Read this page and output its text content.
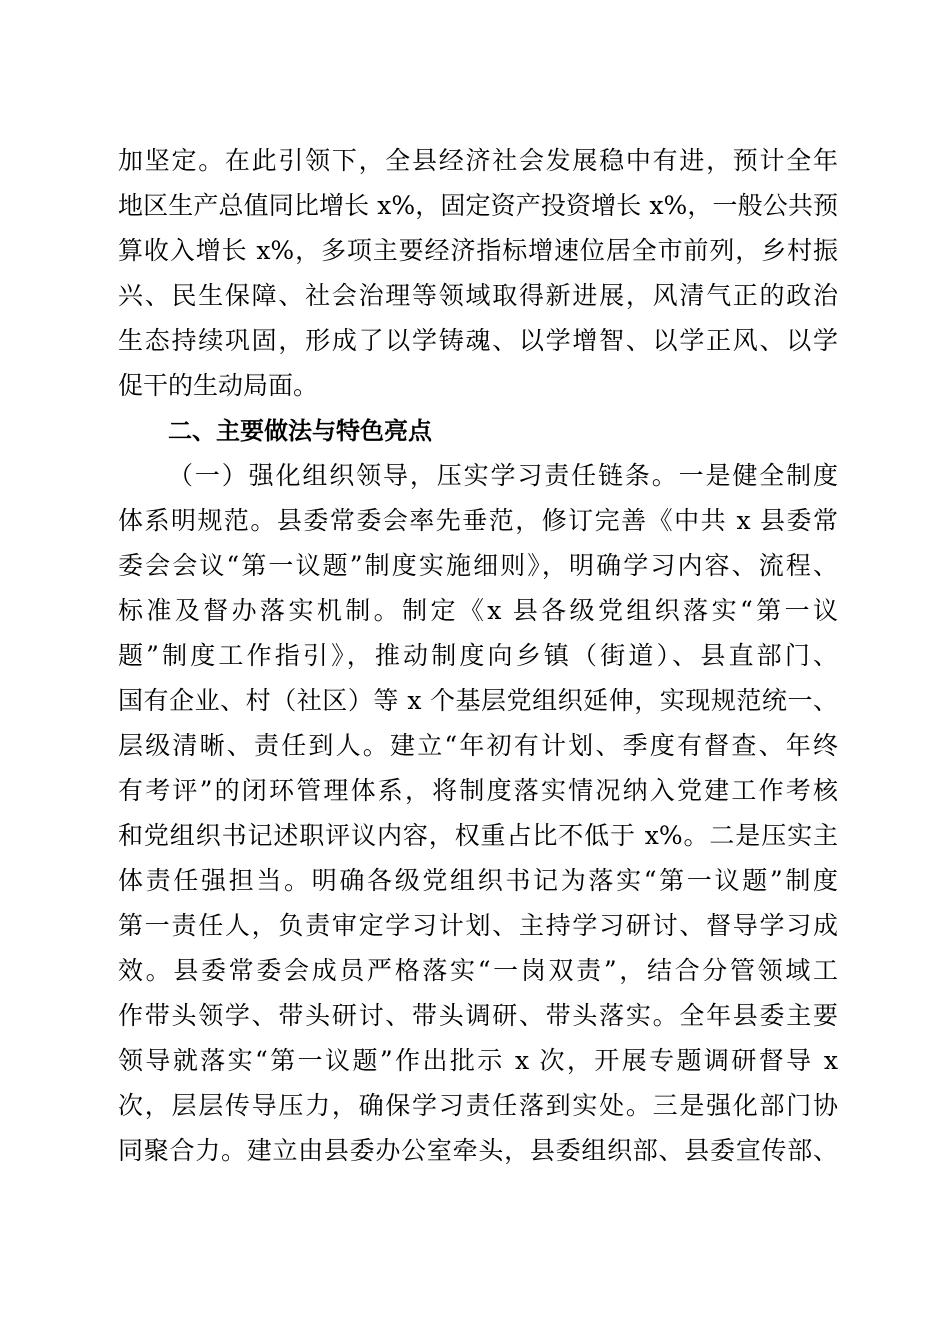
加坚定。在此引领下，全县经济社会发展稳中有进，预计全年

地区生产总值同比增长 x%，固定资产投资增长 x%，一般公共预

算收入增长 x%，多项主要经济指标增速位居全市前列，乡村振

兴、民生保障、社会治理等领域取得新进展，风清气正的政治

生态持续巩固，形成了以学铸魂、以学增智、以学正风、以学

促干的生动局面。

二、主要做法与特色亮点

（一）强化组织领导，压实学习责任链条。一是健全制度

体系明规范。县委常委会率先垂范，修订完善《中共 x 县委常

委会会议“第一议题”制度实施细则》，明确学习内容、流程、

标准及督办落实机制。制定《x 县各级党组织落实“第一议

题”制度工作指引》，推动制度向乡镇（街道）、县直部门、

国有企业、村（社区）等 x 个基层党组织延伸，实现规范统一、

层级清晰、责任到人。建立“年初有计划、季度有督查、年终

有考评”的闭环管理体系，将制度落实情况纳入党建工作考核

和党组织书记述职评议内容，权重占比不低于 x%。二是压实主

体责任强担当。明确各级党组织书记为落实“第一议题”制度

第一责任人，负责审定学习计划、主持学习研讨、督导学习成

效。县委常委会成员严格落实“一岗双责”，结合分管领域工

作带头领学、带头研讨、带头调研、带头落实。全年县委主要

领导就落实“第一议题”作出批示 x 次，开展专题调研督导 x

次，层层传导压力，确保学习责任落到实处。三是强化部门协

同聚合力。建立由县委办公室牵头，县委组织部、县委宣传部、
